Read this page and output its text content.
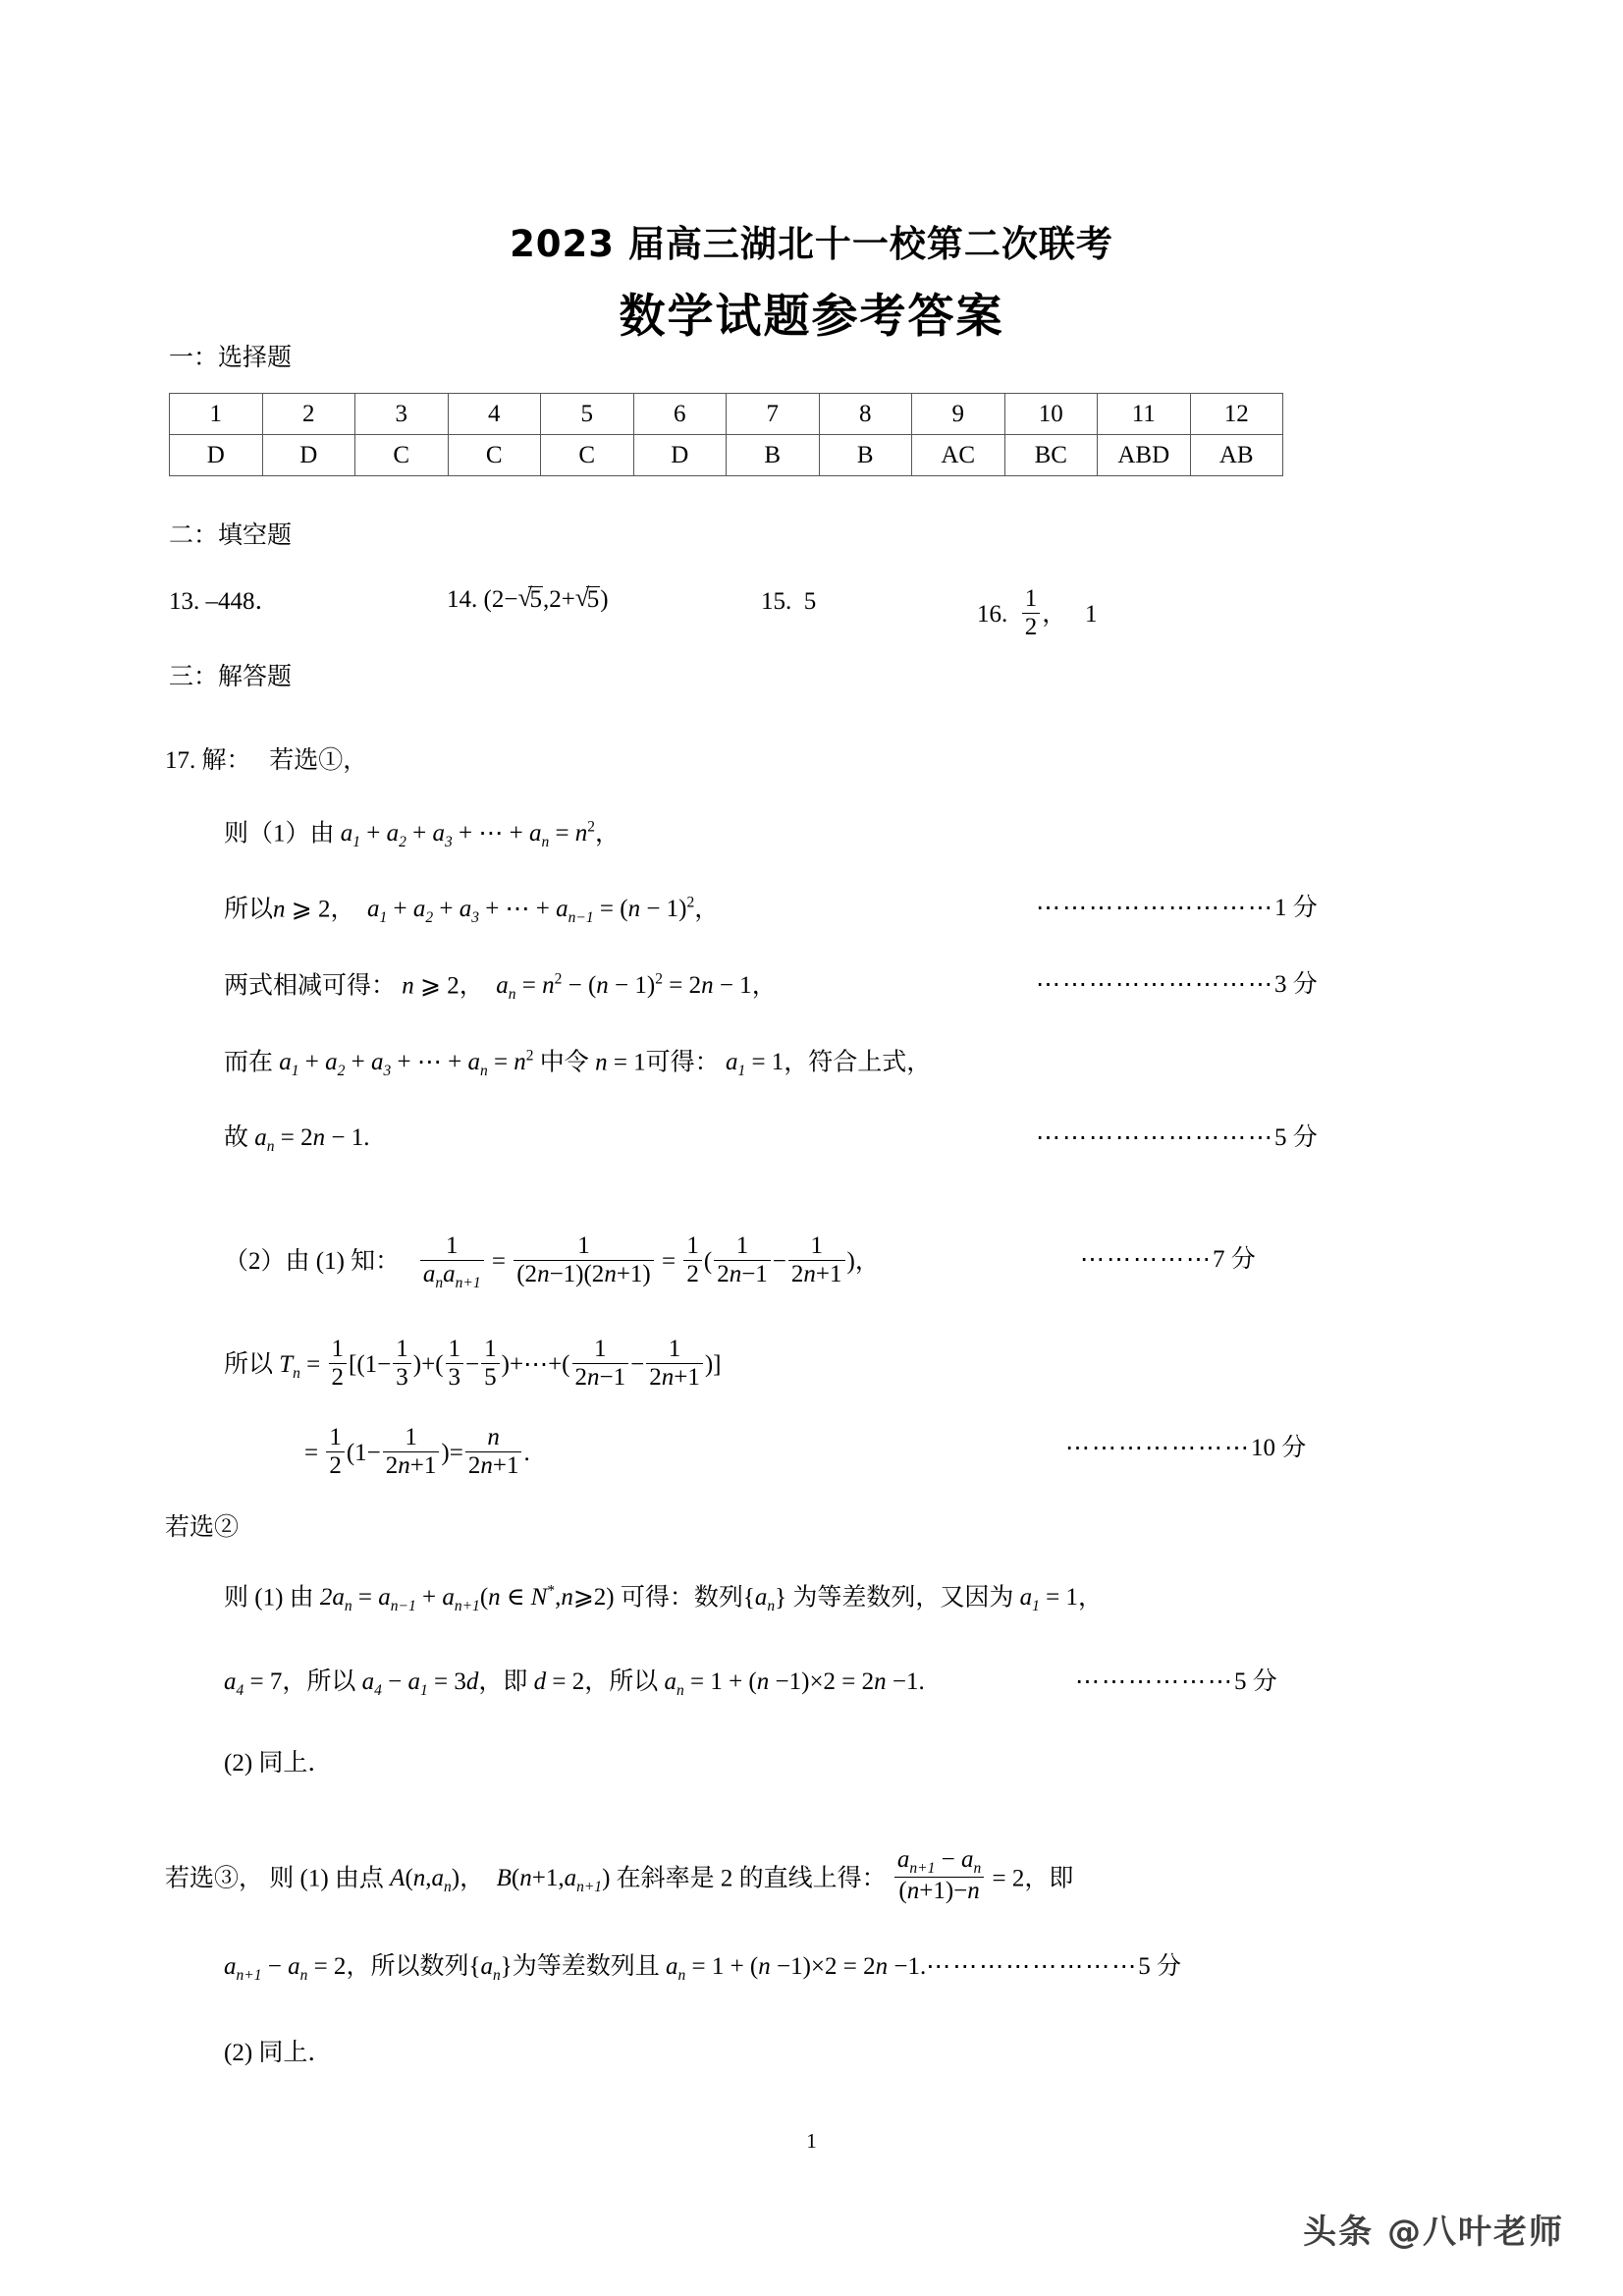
2023 届高三湖北十一校第二次联考
数学试题参考答案
一：选择题
1	2	3	4	5	6	7	8	9	10	11	12
D	D	C	C	C	D	B	B	AC	BC	ABD	AB
二：填空题
13. –448．	14. (2− √ 5,2+ √ 5)	15. 5	16. $\frac{1}{2}$ ， 1
三：解答题
17. 解： 若选①，
则（1）由 $a_1 + a_2 + a_3$ + ⋯ + $a_n = n^2$，
所以n ⩾ 2，  $a_1 + a_2 + a_3$ + ⋯ + $a_{n-1} = (n - 1)^2$，	⋯⋯⋯⋯⋯⋯⋯⋯⋯1 分
两式相减可得： n ⩾ 2，  $a_n = n^2 - (n - 1)^2 = 2n - 1$，	⋯⋯⋯⋯⋯⋯⋯⋯⋯3 分
而在 $a_1 + a_2 + a_3$ + ⋯ + $a_n = n^2$ 中令 n = 1可得： $a_1 = 1$，符合上式，
故 $a_n = 2n - 1$.	⋯⋯⋯⋯⋯⋯⋯⋯⋯5 分
（2）由 (1) 知： $\frac{1}{a_na_{n+1}} = \frac{1}{(2n-1)(2n+1)} = \frac{1}{2}$ ( $\frac{1}{2n-1} - \frac{1}{2n+1}$ )，	⋯⋯⋯⋯⋯7 分
所以 $T_n = \frac{1}{2} [(1- \frac{1}{3}$ )+( $\frac{1}{3} - \frac{1}{5}$ )+⋯+( $\frac{1}{2n-1} - \frac{1}{2n+1}$ )]
= $\frac{1}{2} (1- \frac{1}{2n+1}$ )= $\frac{n}{2n+1}$ .	⋯⋯⋯⋯⋯⋯⋯10 分
若选②
则 (1) 由 $2a_n = a_{n-1} + a_{n+1}(n$ ∈ N*,n⩾2) 可得：数列$\{a_n\}$ 为等差数列，又因为 $a_1 = 1$，
$a_4 = 7$，所以 $a_4 - a_1 = 3d$，即 d = 2，所以 $a_n = 1 + (n -1)\times 2 = 2n -1$.	⋯⋯⋯⋯⋯⋯5 分
(2) 同上．
若选③， 则 (1) 由点 $A(n,a_n)$， $B(n+1,a_{n+1})$ 在斜率是 2 的直线上得： $\frac{a_{n+1} - a_n}{(n+1)-n} = 2$，即
$a_{n+1} - a_n = 2$，所以数列$\{a_n\}$为等差数列且 $a_n = 1 + (n -1)\times 2 = 2n$ −1.⋯⋯⋯⋯⋯⋯⋯⋯5 分
(2) 同上．
1
头条 @八叶老师
